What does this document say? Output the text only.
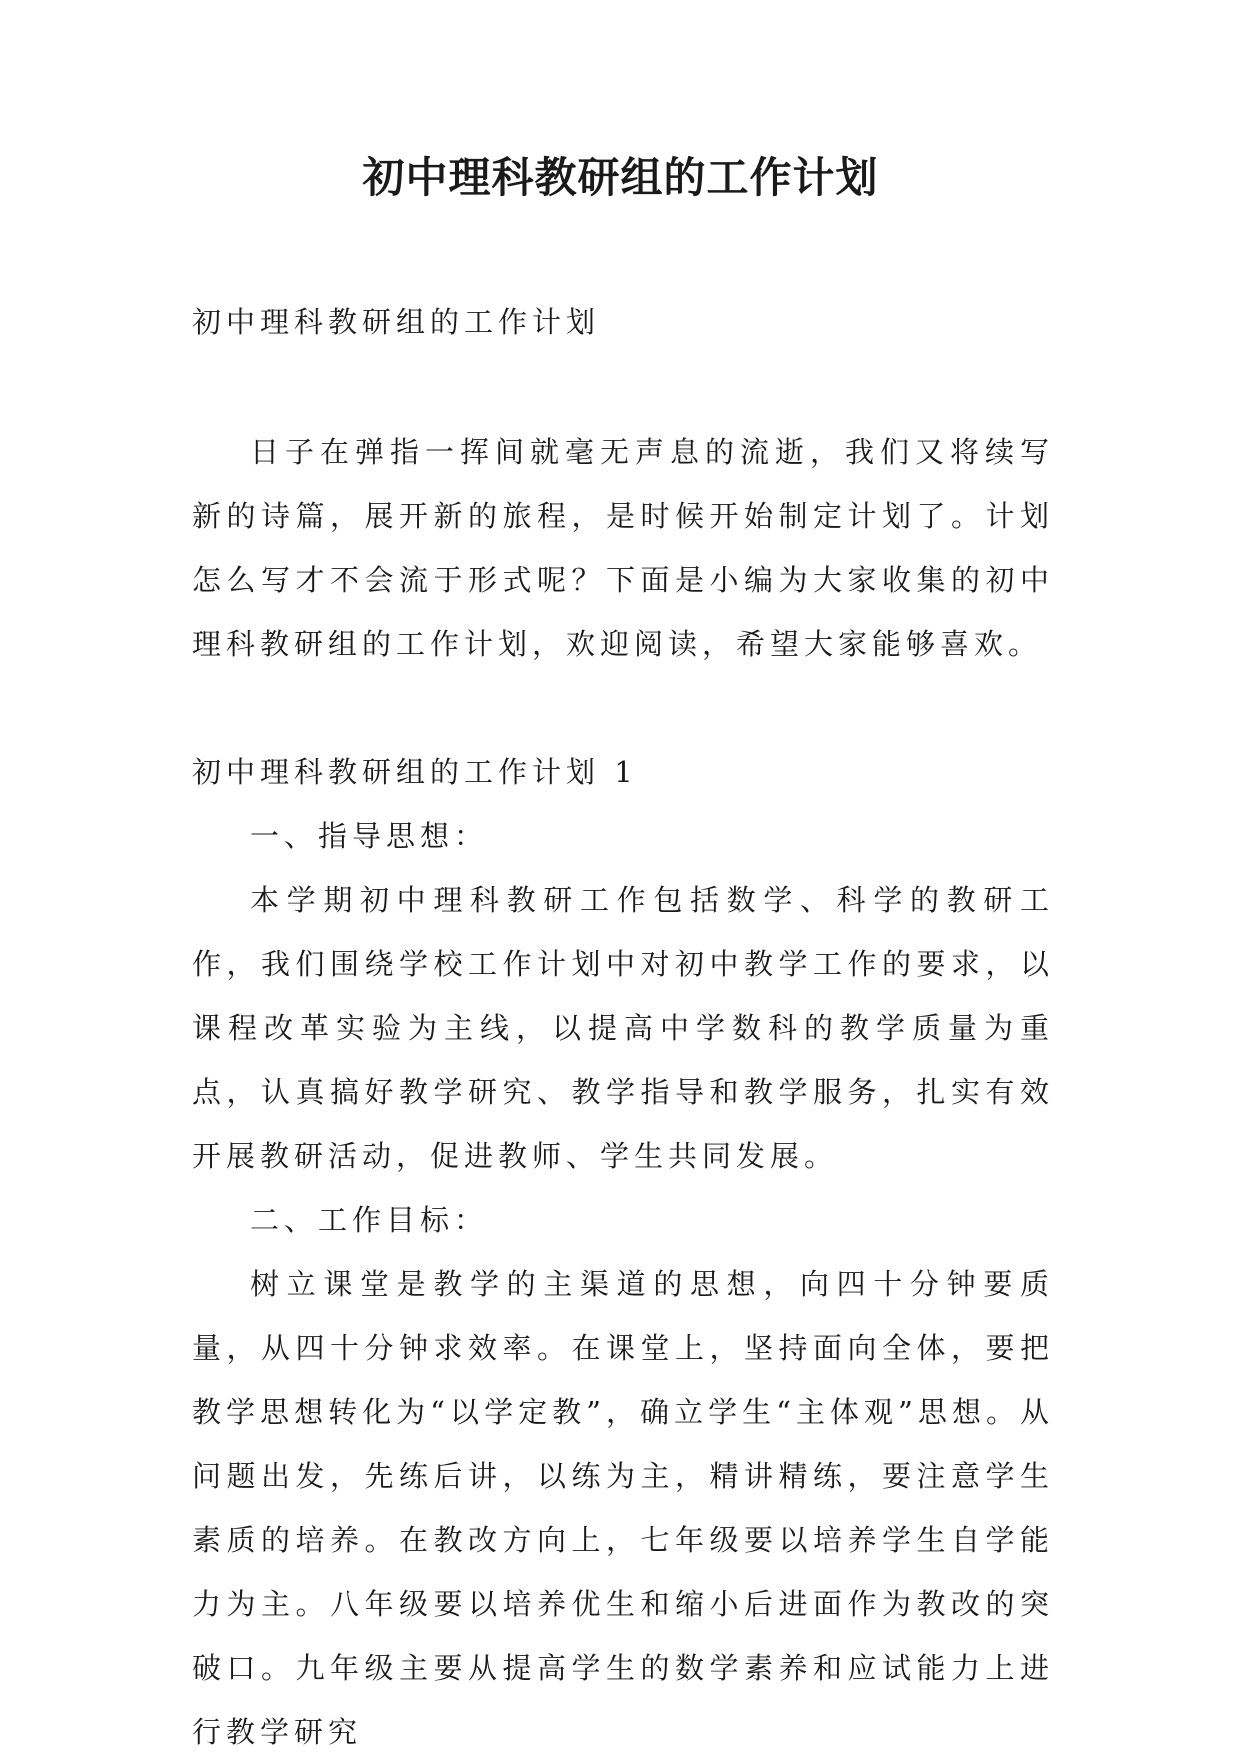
初中理科教研组的工作计划

初中理科教研组的工作计划

日子在弹指一挥间就毫无声息的流逝，我们又将续写新的诗篇，展开新的旅程，是时候开始制定计划了。计划怎么写才不会流于形式呢？下面是小编为大家收集的初中理科教研组的工作计划，欢迎阅读，希望大家能够喜欢。

初中理科教研组的工作计划 1

一、指导思想：

本学期初中理科教研工作包括数学、科学的教研工作，我们围绕学校工作计划中对初中教学工作的要求，以课程改革实验为主线，以提高中学数科的教学质量为重点，认真搞好教学研究、教学指导和教学服务，扎实有效开展教研活动，促进教师、学生共同发展。

二、工作目标：

树立课堂是教学的主渠道的思想，向四十分钟要质量，从四十分钟求效率。在课堂上，坚持面向全体，要把教学思想转化为“以学定教”，确立学生“主体观”思想。从问题出发，先练后讲，以练为主，精讲精练，要注意学生素质的培养。在教改方向上，七年级要以培养学生自学能力为主。八年级要以培养优生和缩小后进面作为教改的突破口。九年级主要从提高学生的数学素养和应试能力上进行教学研究
